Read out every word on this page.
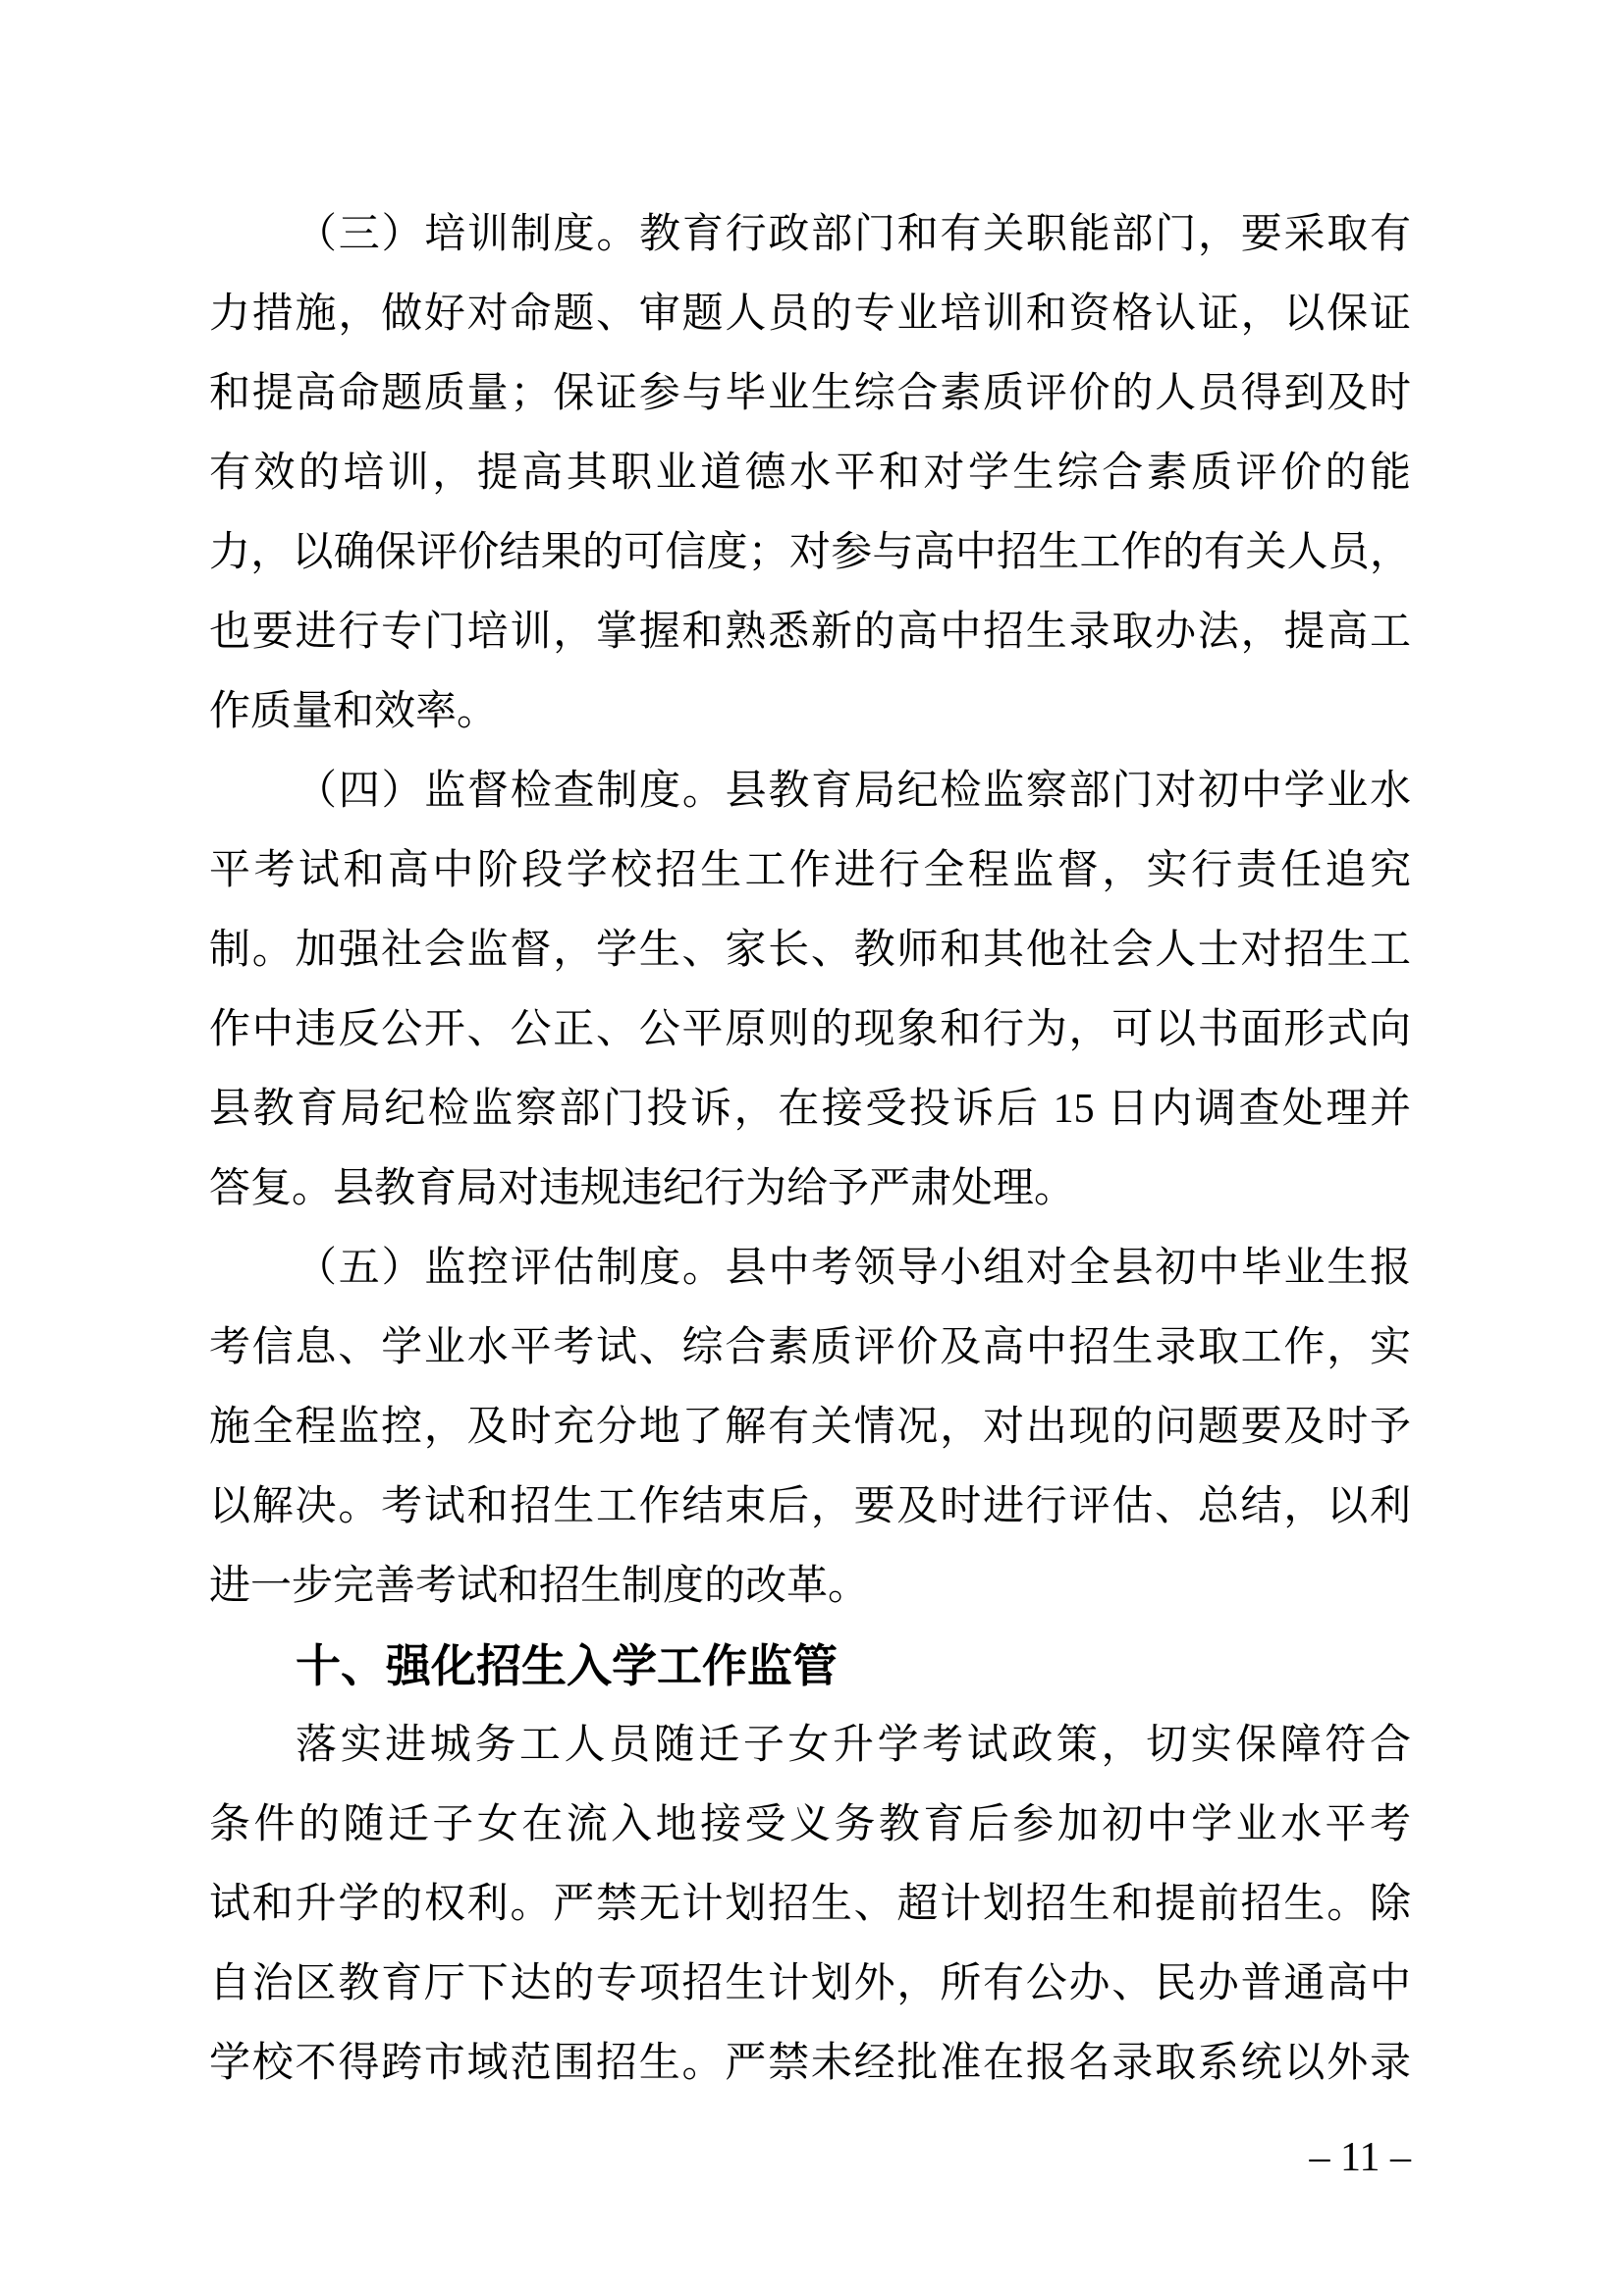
（三）培训制度。教育行政部门和有关职能部门，要采取有
力措施，做好对命题、审题人员的专业培训和资格认证，以保证
和提高命题质量；保证参与毕业生综合素质评价的人员得到及时
有效的培训，提高其职业道德水平和对学生综合素质评价的能
力，以确保评价结果的可信度；对参与高中招生工作的有关人员，
也要进行专门培训，掌握和熟悉新的高中招生录取办法，提高工
作质量和效率。
（四）监督检查制度。县教育局纪检监察部门对初中学业水
平考试和高中阶段学校招生工作进行全程监督，实行责任追究
制。加强社会监督，学生、家长、教师和其他社会人士对招生工
作中违反公开、公正、公平原则的现象和行为，可以书面形式向
县教育局纪检监察部门投诉，在接受投诉后 15 日内调查处理并
答复。县教育局对违规违纪行为给予严肃处理。
（五）监控评估制度。县中考领导小组对全县初中毕业生报
考信息、学业水平考试、综合素质评价及高中招生录取工作，实
施全程监控，及时充分地了解有关情况，对出现的问题要及时予
以解决。考试和招生工作结束后，要及时进行评估、总结，以利
进一步完善考试和招生制度的改革。
十、强化招生入学工作监管
落实进城务工人员随迁子女升学考试政策，切实保障符合
条件的随迁子女在流入地接受义务教育后参加初中学业水平考
试和升学的权利。严禁无计划招生、超计划招生和提前招生。除
自治区教育厅下达的专项招生计划外，所有公办、民办普通高中
学校不得跨市域范围招生。严禁未经批准在报名录取系统以外录
– 11 –
